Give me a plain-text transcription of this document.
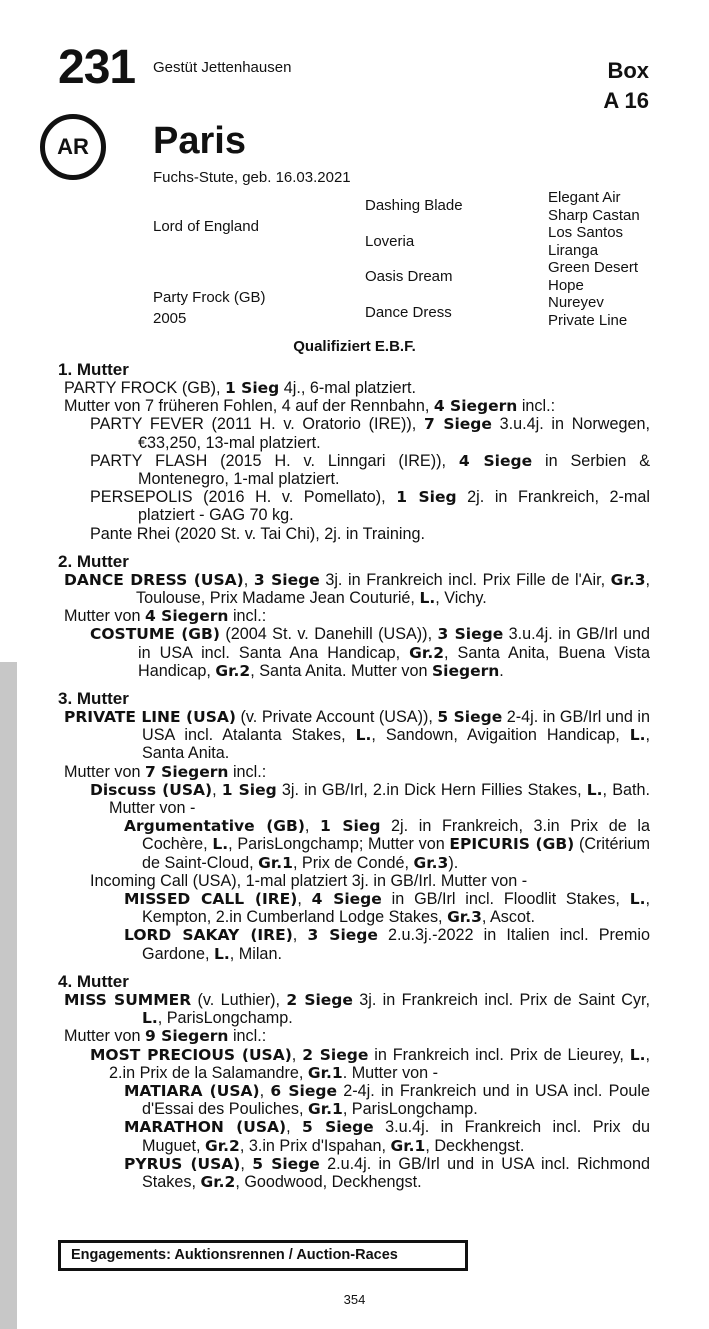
231 Gestüt Jettenhausen	Box
A 16
AR	Paris
Fuchs-Stute, geb. 16.03.2021
Lord of England
Party Frock (GB)
2005
Dashing Blade
Loveria
Oasis Dream
Dance Dress
Elegant Air
Sharp Castan
Los Santos
Liranga
Green Desert
Hope
Nureyev
Private Line
Qualifiziert E.B.F.
1. Mutter
PARTY FROCK (GB), 1 Sieg 4j., 6-mal platziert.
Mutter von 7 früheren Fohlen, 4 auf der Rennbahn, 4 Siegern incl.:
PARTY FEVER (2011 H. v. Oratorio (IRE)), 7 Siege 3.u.4j. in Norwegen, €33,250, 13-mal platziert.
PARTY FLASH (2015 H. v. Linngari (IRE)), 4 Siege in Serbien & Montenegro, 1-mal platziert.
PERSEPOLIS (2016 H. v. Pomellato), 1 Sieg 2j. in Frankreich, 2-mal platziert - GAG 70 kg.
Pante Rhei (2020 St. v. Tai Chi), 2j. in Training.
2. Mutter
DANCE DRESS (USA), 3 Siege 3j. in Frankreich incl. Prix Fille de l'Air, Gr.3, Toulouse, Prix Madame Jean Couturié, L., Vichy.
Mutter von 4 Siegern incl.:
COSTUME (GB) (2004 St. v. Danehill (USA)), 3 Siege 3.u.4j. in GB/Irl und in USA incl. Santa Ana Handicap, Gr.2, Santa Anita, Buena Vista Handicap, Gr.2, Santa Anita. Mutter von Siegern.
3. Mutter
PRIVATE LINE (USA) (v. Private Account (USA)), 5 Siege 2-4j. in GB/Irl und in USA incl. Atalanta Stakes, L., Sandown, Avigaition Handicap, L., Santa Anita.
Mutter von 7 Siegern incl.:
Discuss (USA), 1 Sieg 3j. in GB/Irl, 2.in Dick Hern Fillies Stakes, L., Bath. Mutter von -
Argumentative (GB), 1 Sieg 2j. in Frankreich, 3.in Prix de la Cochère, L., ParisLongchamp; Mutter von EPICURIS (GB) (Critérium de Saint-Cloud, Gr.1, Prix de Condé, Gr.3).
Incoming Call (USA), 1-mal platziert 3j. in GB/Irl. Mutter von -
MISSED CALL (IRE), 4 Siege in GB/Irl incl. Floodlit Stakes, L., Kempton, 2.in Cumberland Lodge Stakes, Gr.3, Ascot.
LORD SAKAY (IRE), 3 Siege 2.u.3j.-2022 in Italien incl. Premio Gardone, L., Milan.
4. Mutter
MISS SUMMER (v. Luthier), 2 Siege 3j. in Frankreich incl. Prix de Saint Cyr, L., ParisLongchamp.
Mutter von 9 Siegern incl.:
MOST PRECIOUS (USA), 2 Siege in Frankreich incl. Prix de Lieurey, L., 2.in Prix de la Salamandre, Gr.1. Mutter von -
MATIARA (USA), 6 Siege 2-4j. in Frankreich und in USA incl. Poule d'Essai des Pouliches, Gr.1, ParisLongchamp.
MARATHON (USA), 5 Siege 3.u.4j. in Frankreich incl. Prix du Muguet, Gr.2, 3.in Prix d'Ispahan, Gr.1, Deckhengst.
PYRUS (USA), 5 Siege 2.u.4j. in GB/Irl und in USA incl. Richmond Stakes, Gr.2, Goodwood, Deckhengst.
Engagements: Auktionsrennen / Auction-Races
354
